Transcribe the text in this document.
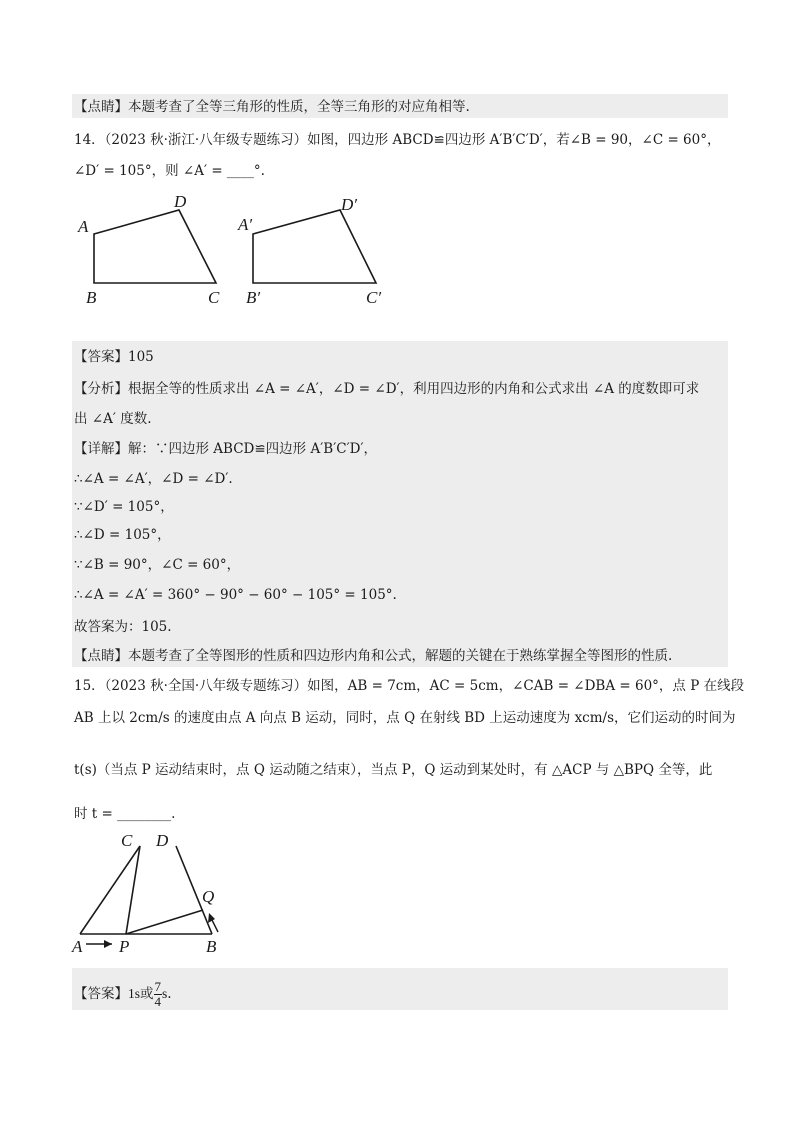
【点睛】本题考查了全等三角形的性质，全等三角形的对应角相等.
14．（2023 秋·浙江·八年级专题练习）如图，四边形 ABCD≌四边形 A′B′C′D′，若∠B = 90，∠C = 60°，
∠D′ = 105°，则 ∠A′ = ____°.
A
B	C
D
A′
B′	C′
D′
【答案】105
【分析】根据全等的性质求出 ∠A = ∠A′，∠D = ∠D′，利用四边形的内角和公式求出 ∠A 的度数即可求
出 ∠A′ 度数.
【详解】解：∵四边形 ABCD≌四边形 A′B′C′D′，
∴∠A = ∠A′，∠D = ∠D′.
∵∠D′ = 105°，
∴∠D = 105°，
∵∠B = 90°，∠C = 60°，
∴∠A = ∠A′ = 360° − 90° − 60° − 105° = 105°.
故答案为：105.
【点睛】本题考查了全等图形的性质和四边形内角和公式，解题的关键在于熟练掌握全等图形的性质.
15．（2023 秋·全国·八年级专题练习）如图，AB = 7cm，AC = 5cm，∠CAB = ∠DBA = 60°，点 P 在线段
AB 上以 2cm/s 的速度由点 A 向点 B 运动，同时，点 Q 在射线 BD 上运动速度为 xcm/s，它们运动的时间为
t(s)（当点 P 运动结束时，点 Q 运动随之结束），当点 P，Q 运动到某处时，有 △ACP 与 △BPQ 全等，此
时 t = ________.
C D
Q
A P	B
【答案】1s或 $\frac{7}{4} s$.
